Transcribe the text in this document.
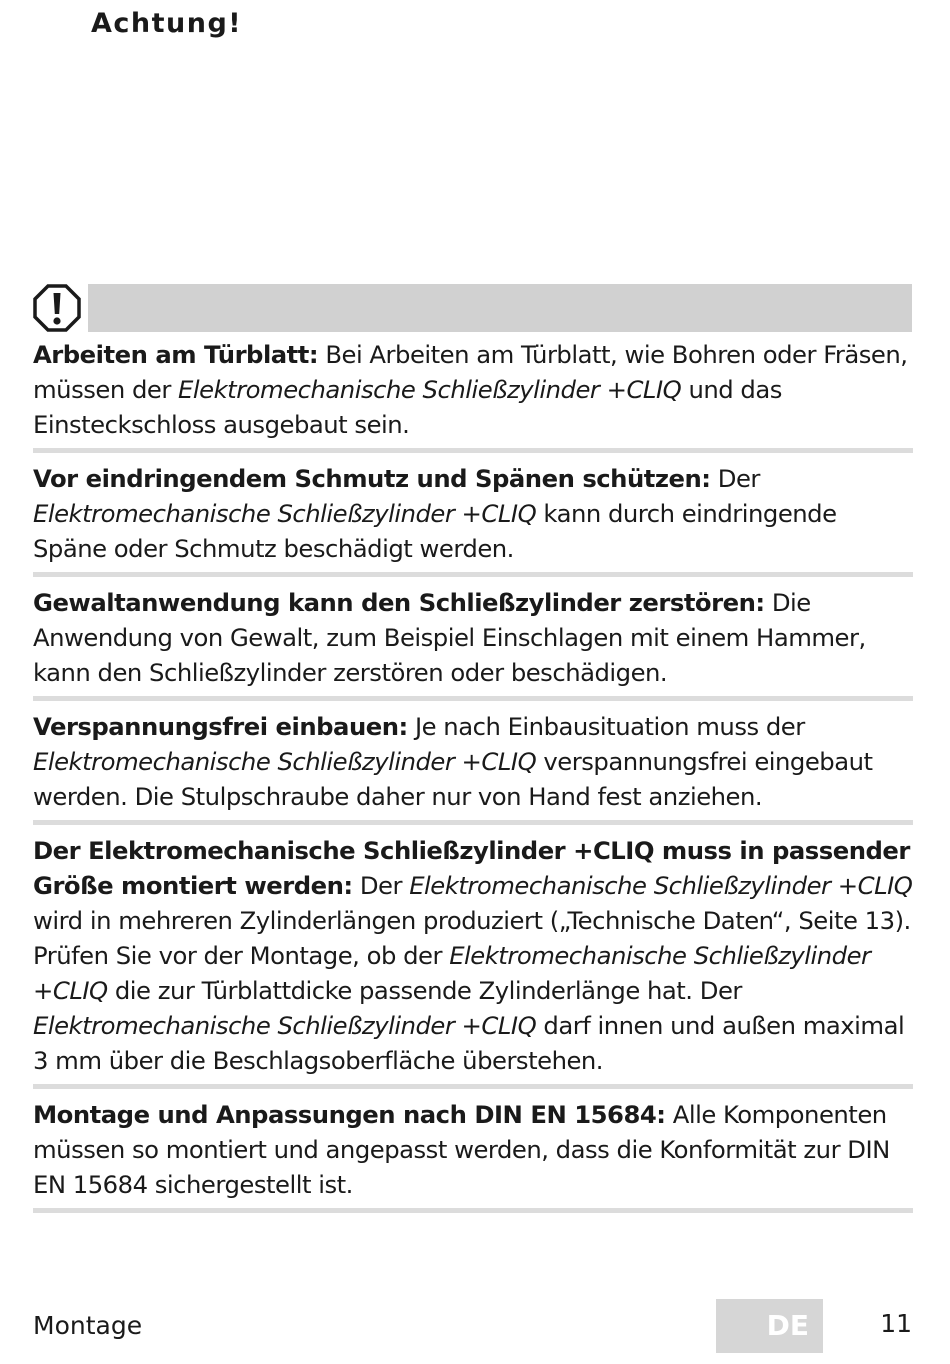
Achtung!
Arbeiten am Türblatt: Bei Arbeiten am Türblatt, wie Bohren oder Fräsen, müssen der Elektromechanische Schließzylinder +CLIQ und das Einsteckschloss ausgebaut sein.
Vor eindringendem Schmutz und Spänen schützen: Der Elektromechanische Schließzylinder +CLIQ kann durch eindringende Späne oder Schmutz beschädigt werden.
Gewaltanwendung kann den Schließzylinder zerstören: Die Anwendung von Gewalt, zum Beispiel Einschlagen mit einem Hammer, kann den Schließzylinder zerstören oder beschädigen.
Verspannungsfrei einbauen: Je nach Einbausituation muss der Elektromechanische Schließzylinder +CLIQ verspannungsfrei eingebaut werden. Die Stulpschraube daher nur von Hand fest anziehen.
Der Elektromechanische Schließzylinder +CLIQ muss in passender Größe montiert werden: Der Elektromechanische Schließzylinder +CLIQ wird in mehreren Zylinderlängen produziert („Technische Daten“, Seite 13). Prüfen Sie vor der Montage, ob der Elektromechanische Schließzylinder +CLIQ die zur Türblattdicke passende Zylinderlänge hat. Der Elektromechanische Schließzylinder +CLIQ darf innen und außen maximal 3 mm über die Beschlagsoberfläche überstehen.
Montage und Anpassungen nach DIN EN 15684: Alle Komponenten müssen so montiert und angepasst werden, dass die Konformität zur DIN EN 15684 sichergestellt ist.
Montage	DE	11
